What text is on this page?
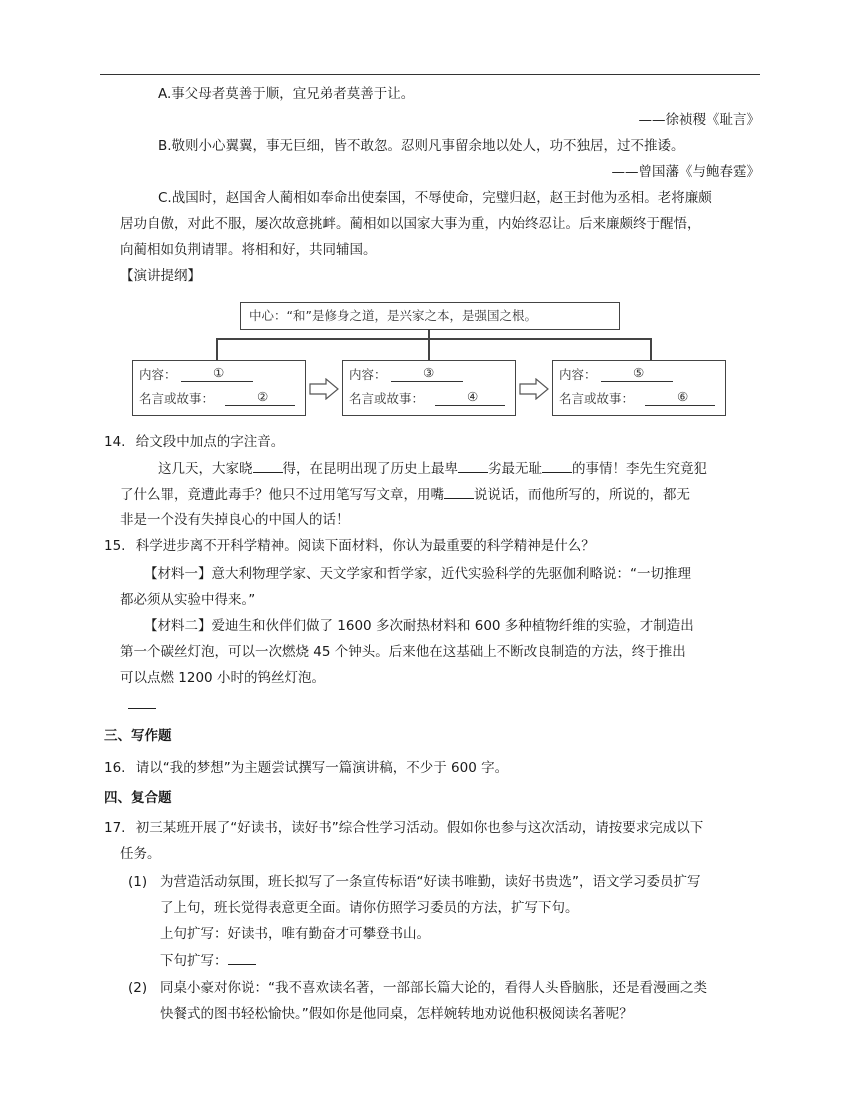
A.事父母者莫善于顺，宜兄弟者莫善于让。
——徐祯稷《耻言》
B.敬则小心翼翼，事无巨细，皆不敢忽。忍则凡事留余地以处人，功不独居，过不推诿。
——曾国藩《与鲍春霆》
C.战国时，赵国舍人蔺相如奉命出使秦国，不辱使命，完璧归赵，赵王封他为丞相。老将廉颇
居功自傲，对此不服，屡次故意挑衅。蔺相如以国家大事为重，内始终忍让。后来廉颇终于醒悟，
向蔺相如负荆请罪。将相和好，共同辅国。
【演讲提纲】
中心：“和”是修身之道，是兴家之本，是强国之根。
内容：	①
名言或故事：	②
内容：	③
名言或故事：	④
内容：	⑤
名言或故事：	⑥
14. 给文段中加点的字注音。
这几天，大家晓 得，在昆明出现了历史上最卑 劣最无耻 的事情！李先生究竟犯
了什么罪，竟遭此毒手？他只不过用笔写写文章，用嘴 说说话，而他所写的，所说的，都无
非是一个没有失掉良心的中国人的话！
15. 科学进步离不开科学精神。阅读下面材料，你认为最重要的科学精神是什么？
【材料一】意大利物理学家、天文学家和哲学家，近代实验科学的先驱伽利略说：“一切推理
都必须从实验中得来。”
【材料二】爱迪生和伙伴们做了 1600 多次耐热材料和 600 多种植物纤维的实验，才制造出
第一个碳丝灯泡，可以一次燃烧 45 个钟头。后来他在这基础上不断改良制造的方法，终于推出
可以点燃 1200 小时的钨丝灯泡。
三、写作题
16. 请以“我的梦想”为主题尝试撰写一篇演讲稿，不少于 600 字。
四、复合题
17. 初三某班开展了“好读书，读好书”综合性学习活动。假如你也参与这次活动，请按要求完成以下
任务。
(1) 为营造活动氛围，班长拟写了一条宣传标语“好读书唯勤，读好书贵选”，语文学习委员扩写
了上句，班长觉得表意更全面。请你仿照学习委员的方法，扩写下句。
上句扩写：好读书，唯有勤奋才可攀登书山。
下句扩写：
(2) 同桌小豪对你说：“我不喜欢读名著，一部部长篇大论的，看得人头昏脑胀，还是看漫画之类
快餐式的图书轻松愉快。”假如你是他同桌，怎样婉转地劝说他积极阅读名著呢？
